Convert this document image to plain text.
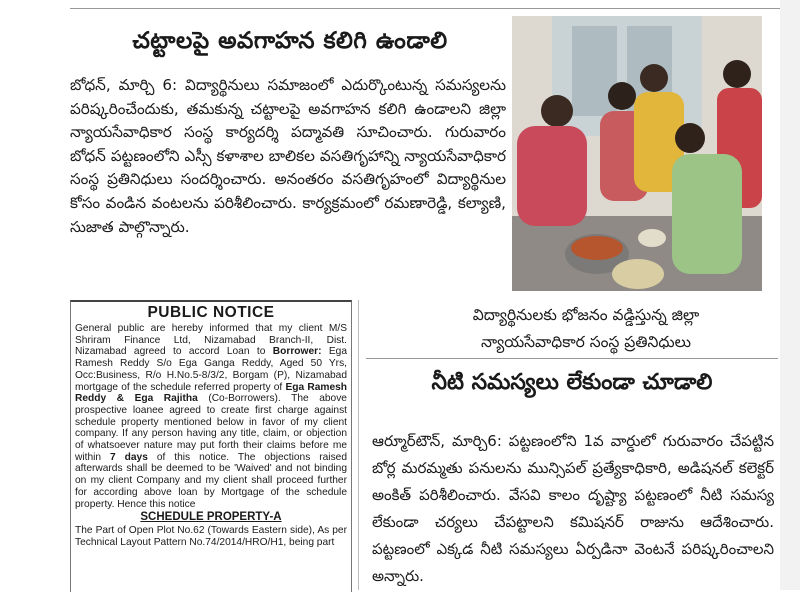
చట్టాలపై అవగాహన కలిగి ఉండాలి
బోధన్, మార్చి 6: విద్యార్థినులు సమాజంలో ఎదుర్కొంటున్న సమస్యలను పరిష్కరించేందుకు, తమకున్న చట్టాలపై అవగాహన కలిగి ఉండాలని జిల్లా న్యాయసేవాధికార సంస్థ కార్యదర్శి పద్మావతి సూచించారు. గురువారం బోధన్ పట్టణంలోని ఎస్సీ కళాశాల బాలికల వసతిగృహాన్ని న్యాయసేవాధికార సంస్థ ప్రతినిధులు సందర్శించారు. అనంతరం వసతిగృహంలో విద్యార్థినుల కోసం వండిన వంటలను పరిశీలించారు. కార్యక్రమంలో రమణారెడ్డి, కల్యాణి, సుజాత పాల్గొన్నారు.
విద్యార్థినులకు భోజనం వడ్డిస్తున్న జిల్లా
న్యాయసేవాధికార సంస్థ ప్రతినిధులు
PUBLIC NOTICE
General public are hereby informed that my client M/S Shriram Finance Ltd, Nizamabad Branch-II, Dist. Nizamabad agreed to accord Loan to Borrower: Ega Ramesh Reddy S/o Ega Ganga Reddy, Aged 50 Yrs, Occ:Business, R/o H.No.5-8/3/2, Borgam (P), Nizamabad mortgage of the schedule referred property of Ega Ramesh Reddy & Ega Rajitha (Co-Borrowers). The above prospective loanee agreed to create first charge against schedule property mentioned below in favor of my client company. If any person having any title, claim, or objection of whatsoever nature may put forth their claims before me within 7 days of this notice. The objections raised afterwards shall be deemed to be 'Waived' and not binding on my client Company and my client shall proceed further for according above loan by Mortgage of the schedule property. Hence this notice
SCHEDULE PROPERTY-A
The Part of Open Plot No.62 (Towards Eastern side), As per Technical Layout Pattern No.74/2014/HRO/H1, being part
నీటి సమస్యలు లేకుండా చూడాలి
ఆర్మూర్‌టౌన్, మార్చి6: పట్టణంలోని 1వ వార్డులో గురువారం చేపట్టిన బోర్ల మరమ్మతు పనులను మున్సిపల్ ప్రత్యేకాధికారి, అడిషనల్ కలెక్టర్ అంకిత్ పరిశీలించారు. వేసవి కాలం దృష్ట్యా పట్టణంలో నీటి సమస్య లేకుండా చర్యలు చేపట్టాలని కమిషనర్ రాజును ఆదేశించారు. పట్టణంలో ఎక్కడ నీటి సమస్యలు ఏర్పడినా వెంటనే పరిష్కరించాలని అన్నారు.
